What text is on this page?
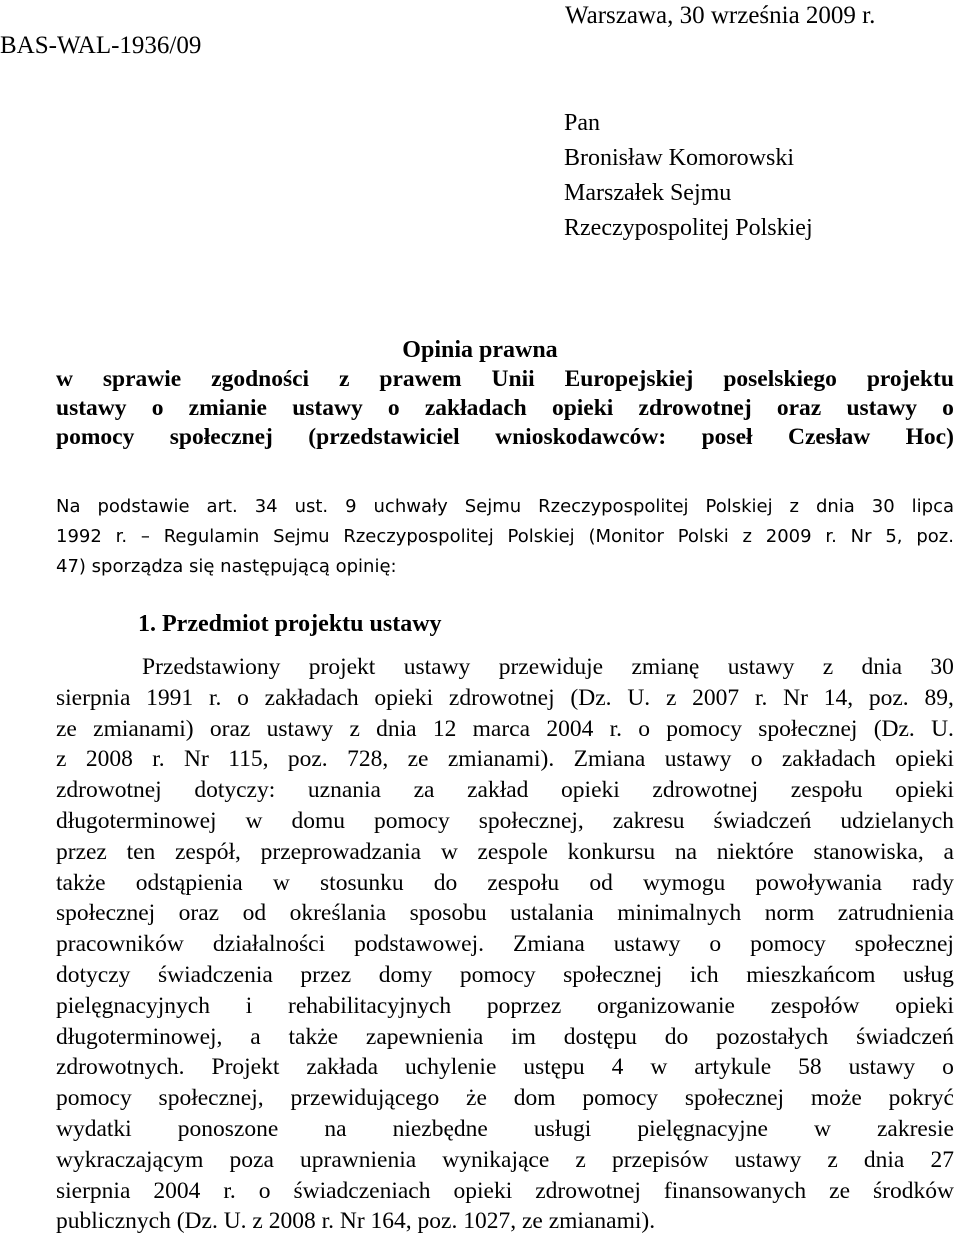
BAS-WAL-1936/09
Warszawa, 30 września 2009 r.
Pan
Bronisław Komorowski
Marszałek Sejmu
Rzeczypospolitej Polskiej
Opinia prawna
w sprawie zgodności z prawem Unii Europejskiej poselskiego projektu
ustawy o zmianie ustawy o zakładach opieki zdrowotnej oraz ustawy o
pomocy społecznej (przedstawiciel wnioskodawców: poseł Czesław Hoc)
Na podstawie art. 34 ust. 9 uchwały Sejmu Rzeczypospolitej Polskiej z dnia 30 lipca
1992 r. – Regulamin Sejmu Rzeczypospolitej Polskiej (Monitor Polski z 2009 r. Nr 5, poz.
47) sporządza się następującą opinię:
1. Przedmiot projektu ustawy
Przedstawiony projekt ustawy przewiduje zmianę ustawy z dnia 30
sierpnia 1991 r. o zakładach opieki zdrowotnej (Dz. U. z 2007 r. Nr 14, poz. 89,
ze zmianami) oraz ustawy z dnia 12 marca 2004 r. o pomocy społecznej (Dz. U.
z 2008 r. Nr 115, poz. 728, ze zmianami). Zmiana ustawy o zakładach opieki
zdrowotnej dotyczy: uznania za zakład opieki zdrowotnej zespołu opieki
długoterminowej w domu pomocy społecznej, zakresu świadczeń udzielanych
przez ten zespół, przeprowadzania w zespole konkursu na niektóre stanowiska, a
także odstąpienia w stosunku do zespołu od wymogu powoływania rady
społecznej oraz od określania sposobu ustalania minimalnych norm zatrudnienia
pracowników działalności podstawowej. Zmiana ustawy o pomocy społecznej
dotyczy świadczenia przez domy pomocy społecznej ich mieszkańcom usług
pielęgnacyjnych i rehabilitacyjnych poprzez organizowanie zespołów opieki
długoterminowej, a także zapewnienia im dostępu do pozostałych świadczeń
zdrowotnych. Projekt zakłada uchylenie ustępu 4 w artykule 58 ustawy o
pomocy społecznej, przewidującego że dom pomocy społecznej może pokryć
wydatki ponoszone na niezbędne usługi pielęgnacyjne w zakresie
wykraczającym poza uprawnienia wynikające z przepisów ustawy z dnia 27
sierpnia 2004 r. o świadczeniach opieki zdrowotnej finansowanych ze środków
publicznych (Dz. U. z 2008 r. Nr 164, poz. 1027, ze zmianami).
